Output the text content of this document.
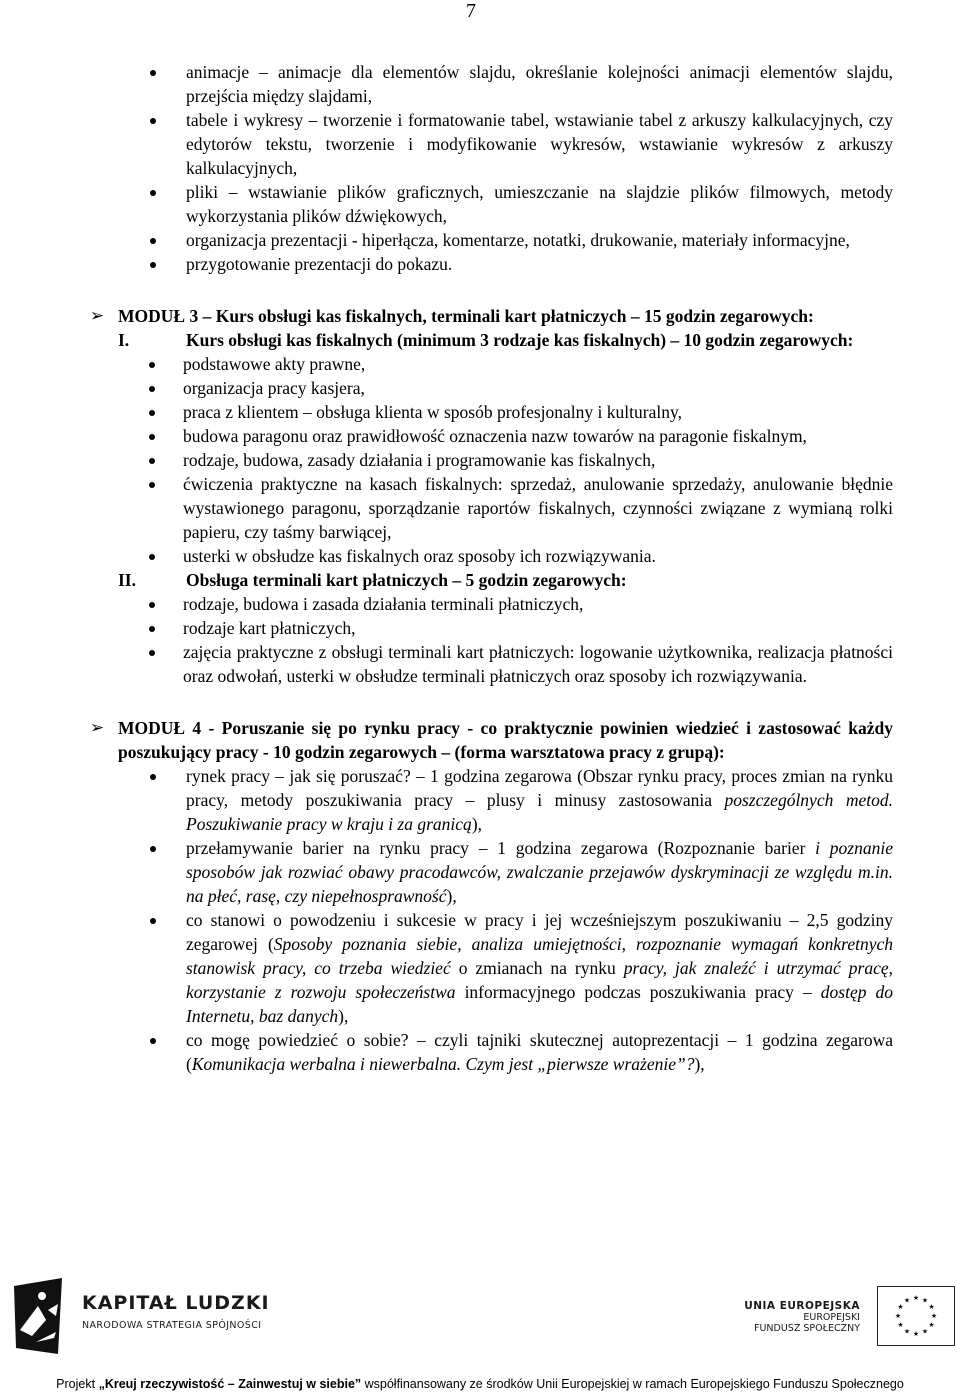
7
animacje – animacje dla elementów slajdu, określanie kolejności animacji elementów slajdu, przejścia między slajdami,
tabele i wykresy – tworzenie i formatowanie tabel, wstawianie tabel z arkuszy kalkulacyjnych, czy edytorów tekstu, tworzenie i modyfikowanie wykresów, wstawianie wykresów z arkuszy kalkulacyjnych,
pliki – wstawianie plików graficznych, umieszczanie na slajdzie plików filmowych, metody wykorzystania plików dźwiękowych,
organizacja prezentacji - hiperłącza, komentarze, notatki, drukowanie, materiały informacyjne,
przygotowanie prezentacji do pokazu.
➢ MODUŁ 3 – Kurs obsługi kas fiskalnych, terminali kart płatniczych – 15 godzin zegarowych:
I.	Kurs obsługi kas fiskalnych (minimum 3 rodzaje kas fiskalnych) – 10 godzin zegarowych:
podstawowe akty prawne,
organizacja pracy kasjera,
praca z klientem – obsługa klienta w sposób profesjonalny i kulturalny,
budowa paragonu oraz prawidłowość oznaczenia nazw towarów na paragonie fiskalnym,
rodzaje, budowa, zasady działania i programowanie kas fiskalnych,
ćwiczenia praktyczne na kasach fiskalnych: sprzedaż, anulowanie sprzedaży, anulowanie błędnie wystawionego paragonu, sporządzanie raportów fiskalnych, czynności związane z wymianą rolki papieru, czy taśmy barwiącej,
usterki w obsłudze kas fiskalnych oraz sposoby ich rozwiązywania.
II.	Obsługa terminali kart płatniczych – 5 godzin zegarowych:
rodzaje, budowa i zasada działania terminali płatniczych,
rodzaje kart płatniczych,
zajęcia praktyczne z obsługi terminali kart płatniczych: logowanie użytkownika, realizacja płatności oraz odwołań, usterki w obsłudze terminali płatniczych oraz sposoby ich rozwiązywania.
➢ MODUŁ 4 - Poruszanie się po rynku pracy - co praktycznie powinien wiedzieć i zastosować każdy poszukujący pracy - 10 godzin zegarowych – (forma warsztatowa pracy z grupą):
rynek pracy – jak się poruszać? – 1 godzina zegarowa (Obszar rynku pracy, proces zmian na rynku pracy, metody poszukiwania pracy – plusy i minusy zastosowania poszczególnych metod. Poszukiwanie pracy w kraju i za granicą),
przełamywanie barier na rynku pracy – 1 godzina zegarowa (Rozpoznanie barier i poznanie sposobów jak rozwiać obawy pracodawców, zwalczanie przejawów dyskryminacji ze względu m.in. na płeć, rasę, czy niepełnosprawność),
co stanowi o powodzeniu i sukcesie w pracy i jej wcześniejszym poszukiwaniu – 2,5 godziny zegarowej (Sposoby poznania siebie, analiza umiejętności, rozpoznanie wymagań konkretnych stanowisk pracy, co trzeba wiedzieć o zmianach na rynku pracy, jak znaleźć i utrzymać pracę, korzystanie z rozwoju społeczeństwa informacyjnego podczas poszukiwania pracy – dostęp do Internetu, baz danych),
co mogę powiedzieć o sobie? – czyli tajniki skutecznej autoprezentacji – 1 godzina zegarowa (Komunikacja werbalna i niewerbalna. Czym jest „pierwsze wrażenie”?),
KAPITAŁ LUDZKI
NARODOWA STRATEGIA SPÓJNOŚCI
UNIA EUROPEJSKA
EUROPEJSKI
FUNDUSZ SPOŁECZNY
★ ★
★
★
★
★
★
★
★
★
★
★
Projekt „Kreuj rzeczywistość – Zainwestuj w siebie” współfinansowany ze środków Unii Europejskiej w ramach Europejskiego Funduszu Społecznego
